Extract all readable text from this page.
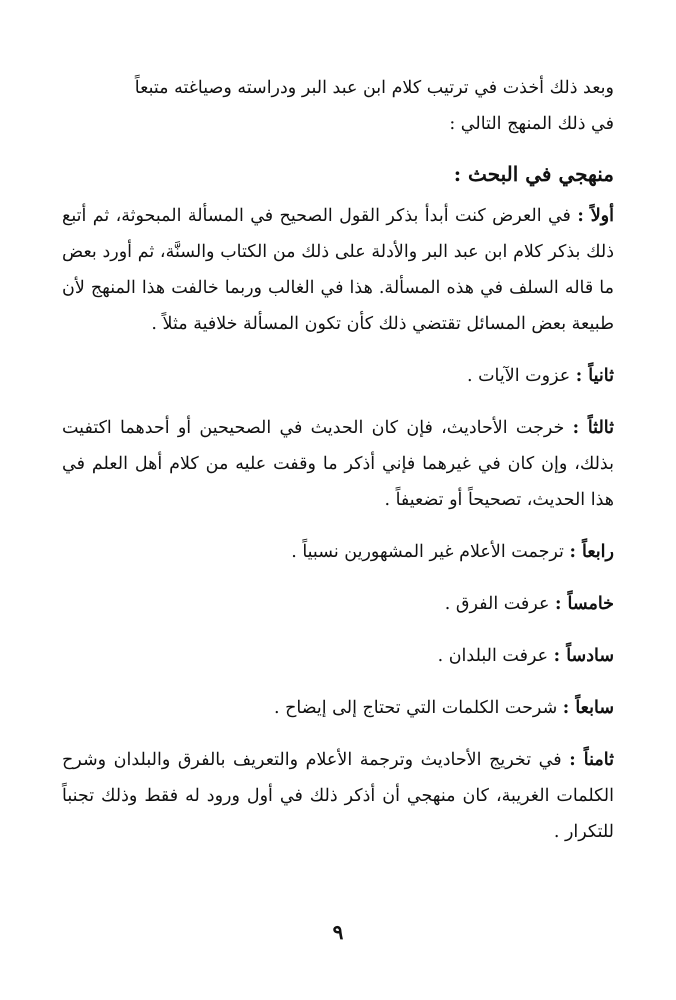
وبعد ذلك أخذت في ترتيب كلام ابن عبد البر ودراسته وصياغته متبعاً
في ذلك المنهج التالي :

منهجي في البحث :

أولاً : في العرض كنت أبدأ بذكر القول الصحيح في المسألة المبحوثة، ثم أتبع ذلك بذكر كلام ابن عبد البر والأدلة على ذلك من الكتاب والسنَّة، ثم أورد بعض ما قاله السلف في هذه المسألة. هذا في الغالب وربما خالفت هذا المنهج لأن طبيعة بعض المسائل تقتضي ذلك كأن تكون المسألة خلافية مثلاً .

ثانياً : عزوت الآيات .

ثالثاً : خرجت الأحاديث، فإن كان الحديث في الصحيحين أو أحدهما اكتفيت بذلك، وإن كان في غيرهما فإني أذكر ما وقفت عليه من كلام أهل العلم في هذا الحديث، تصحيحاً أو تضعيفاً .

رابعاً : ترجمت الأعلام غير المشهورين نسبياً .

خامساً : عرفت الفرق .

سادساً : عرفت البلدان .

سابعاً : شرحت الكلمات التي تحتاج إلى إيضاح .

ثامناً : في تخريج الأحاديث وترجمة الأعلام والتعريف بالفرق والبلدان وشرح الكلمات الغريبة، كان منهجي أن أذكر ذلك في أول ورود له فقط وذلك تجنباً للتكرار .

٩
